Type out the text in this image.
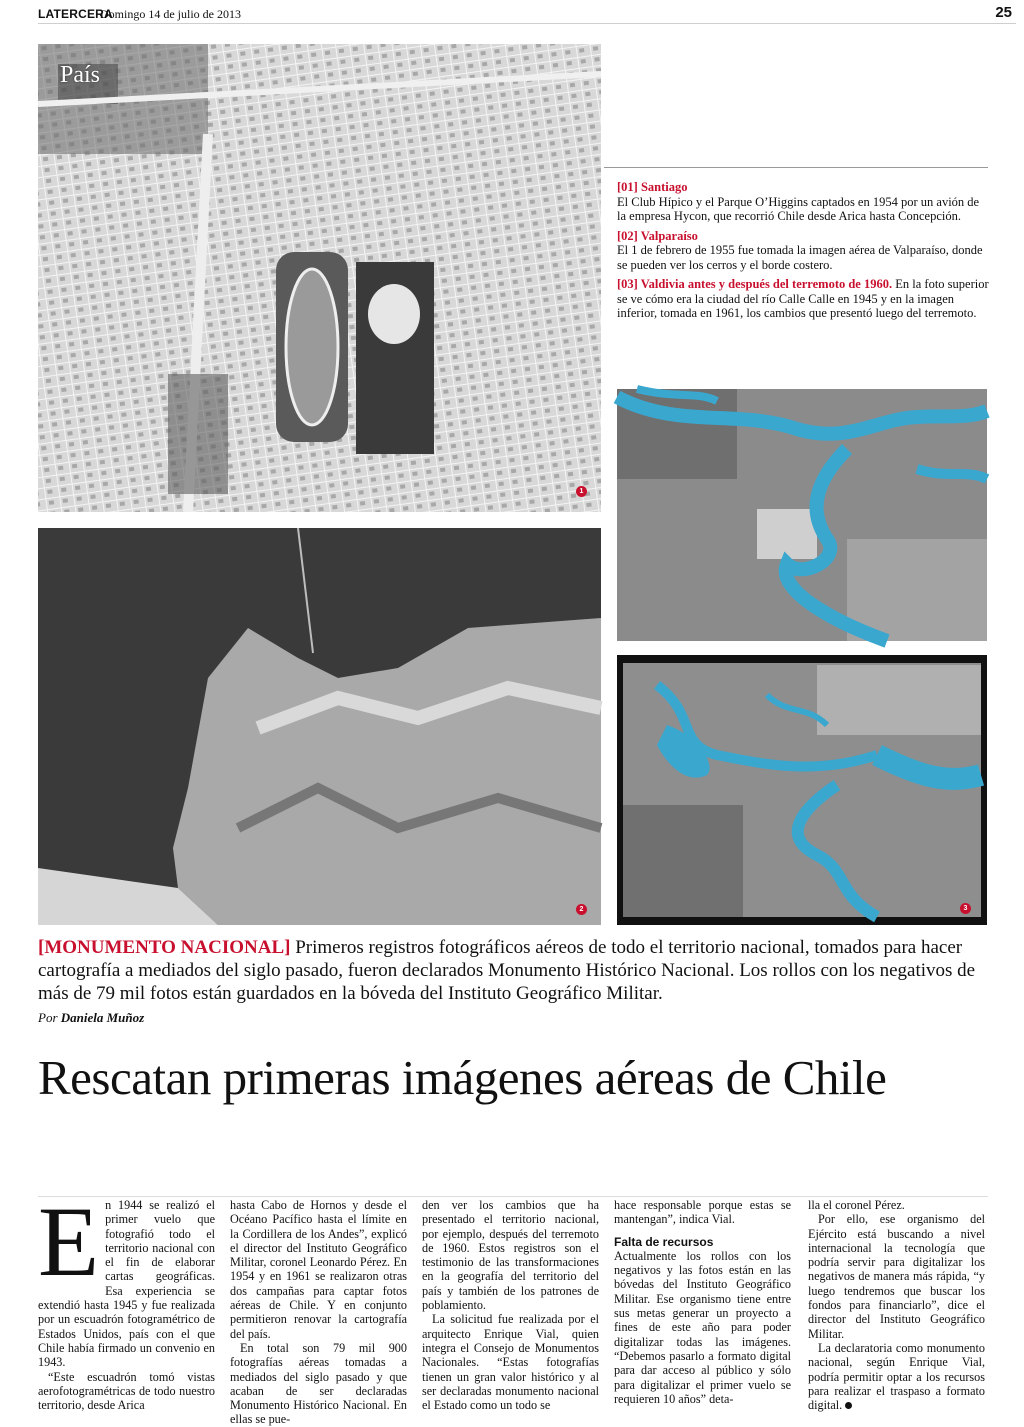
LATERCERA
Domingo 14 de julio de 2013	25
País
1
2

[01] Santiago
El Club Hípico y el Parque O’Higgins captados en 1954 por un avión de la empresa Hycon, que recorrió Chile desde Arica hasta Concepción.

[02] Valparaíso
El 1 de febrero de 1955 fue tomada la imagen aérea de Valparaíso, donde se pueden ver los cerros y el borde costero.

[03] Valdivia antes y después del terremoto de 1960. En la foto superior se ve cómo era la ciudad del río Calle Calle en 1945 y en la imagen inferior, tomada en 1961, los cambios que presentó luego del terremoto.

3

[MONUMENTO NACIONAL] Primeros registros fotográficos aéreos de todo el territorio nacional, tomados para hacer cartografía a mediados del siglo pasado, fueron declarados Monumento Histórico Nacional. Los rollos con los negativos de más de 79 mil fotos están guardados en la bóveda del Instituto Geográfico Militar.

Por Daniela Muñoz
Rescatan primeras imágenes aéreas de Chile

En 1944 se realizó el primer vuelo que fotografió todo el territorio nacional con el fin de elaborar cartas geográficas. Esa experiencia se extendió hasta 1945 y fue realizada por un escuadrón fotogramétrico de Estados Unidos, país con el que Chile había firmado un convenio en 1943.

“Este escuadrón tomó vistas aerofotogramétricas de todo nuestro territorio, desde Arica

hasta Cabo de Hornos y desde el Océano Pacífico hasta el límite en la Cordillera de los Andes”, explicó el director del Instituto Geográfico Militar, coronel Leonardo Pérez. En 1954 y en 1961 se realizaron otras dos campañas para captar fotos aéreas de Chile. Y en conjunto permitieron renovar la cartografía del país.

En total son 79 mil 900 fotografías aéreas tomadas a mediados del siglo pasado y que acaban de ser declaradas Monumento Histórico Nacional. En ellas se pue-

den ver los cambios que ha presentado el territorio nacional, por ejemplo, después del terremoto de 1960. Estos registros son el testimonio de las transformaciones en la geografía del territorio del país y también de los patrones de poblamiento.

La solicitud fue realizada por el arquitecto Enrique Vial, quien integra el Consejo de Monumentos Nacionales. “Estas fotografías tienen un gran valor histórico y al ser declaradas monumento nacional el Estado como un todo se

hace responsable porque estas se mantengan”, indica Vial.

Falta de recursos

Actualmente los rollos con los negativos y las fotos están en las bóvedas del Instituto Geográfico Militar. Ese organismo tiene entre sus metas generar un proyecto a fines de este año para poder digitalizar todas las imágenes. “Debemos pasarlo a formato digital para dar acceso al público y sólo para digitalizar el primer vuelo se requieren 10 años” deta-

lla el coronel Pérez.

Por ello, ese organismo del Ejército está buscando a nivel internacional la tecnología que podría servir para digitalizar los negativos de manera más rápida, “y luego tendremos que buscar los fondos para financiarlo”, dice el director del Instituto Geográfico Militar.

La declaratoria como monumento nacional, según Enrique Vial, podría permitir optar a los recursos para realizar el traspaso a formato digital.
